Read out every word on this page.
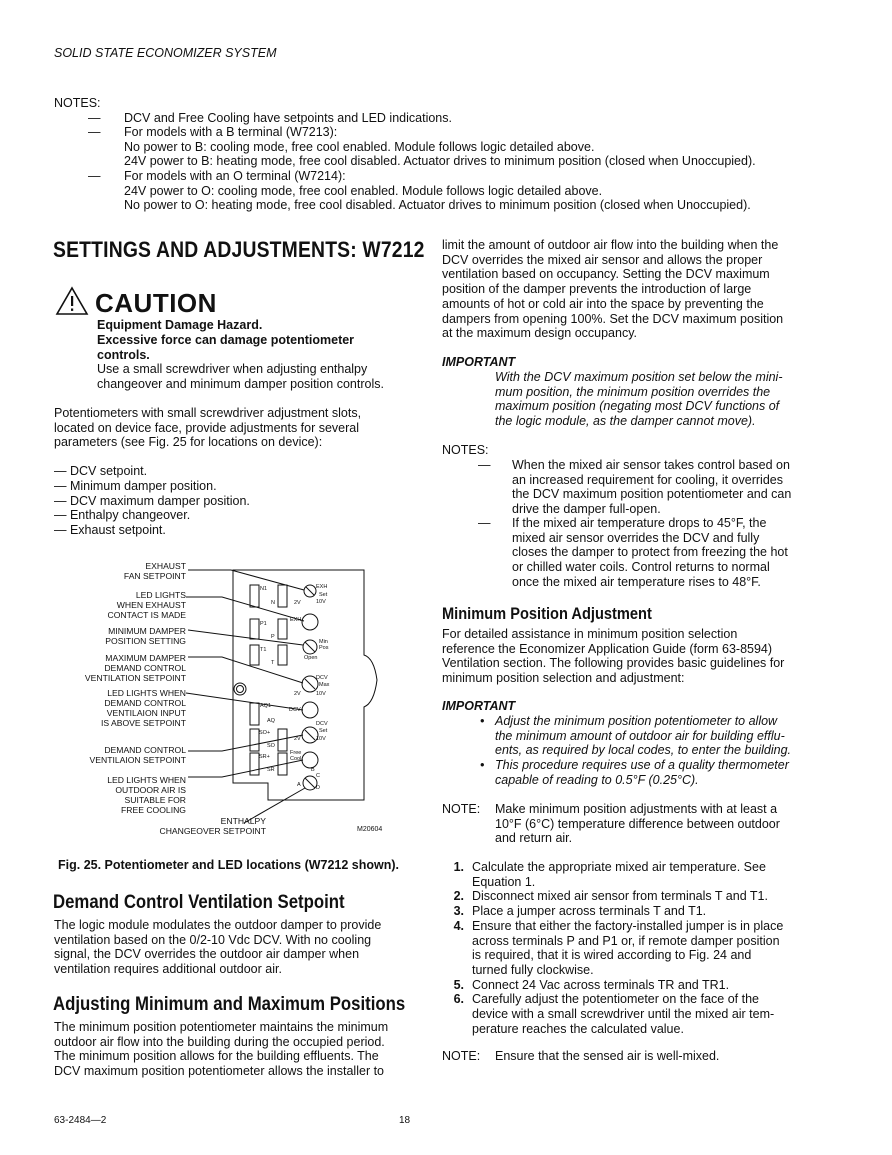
SOLID STATE ECONOMIZER SYSTEM
NOTES:
—	DCV and Free Cooling have setpoints and LED indications.
—	For models with a B terminal (W7213):
No power to B: cooling mode, free cool enabled. Module follows logic detailed above.
24V power to B: heating mode, free cool disabled. Actuator drives to minimum position (closed when Unoccupied).
—	For models with an O terminal (W7214):
24V power to O: cooling mode, free cool enabled. Module follows logic detailed above.
No power to O: heating mode, free cool disabled. Actuator drives to minimum position (closed when Unoccupied).
SETTINGS AND ADJUSTMENTS: W7212
CAUTION
Equipment Damage Hazard.
Excessive force can damage potentiometer
controls.
Use a small screwdriver when adjusting enthalpy
changeover and minimum damper position controls.
Potentiometers with small screwdriver adjustment slots,
located on device face, provide adjustments for several
parameters (see Fig. 25 for locations on device):
— DCV setpoint.
— Minimum damper position.
— DCV maximum damper position.
— Enthalpy changeover.
— Exhaust setpoint.
EXHAUST
FAN SETPOINT
LED LIGHTS
WHEN EXHAUST
CONTACT IS MADE
MINIMUM DAMPER
POSITION SETTING
MAXIMUM DAMPER
DEMAND CONTROL
VENTILATION SETPOINT
LED LIGHTS WHEN
DEMAND CONTROL
VENTILAION INPUT
IS ABOVE SETPOINT
DEMAND CONTROL
VENTILAION SETPOINT
LED LIGHTS WHEN
OUTDOOR AIR IS
SUITABLE FOR
FREE COOLING
ENTHALPY
CHANGEOVER SETPOINT	M20604
N1
N
EXH
Set
10V
2V
EXH
P1
P
Min
Pos
T1
T
Open
DCV
Max
2V	10V
AQ1
AQ
DCV
DCV
Set
2V	10V
SO+
SO
Free
Cool
SR+
SR	B
C
A	D
Fig. 25. Potentiometer and LED locations (W7212 shown).
Demand Control Ventilation Setpoint
The logic module modulates the outdoor damper to provide
ventilation based on the 0/2-10 Vdc DCV. With no cooling
signal, the DCV overrides the outdoor air damper when
ventilation requires additional outdoor air.
Adjusting Minimum and Maximum Positions
The minimum position potentiometer maintains the minimum
outdoor air flow into the building during the occupied period.
The minimum position allows for the building effluents. The
DCV maximum position potentiometer allows the installer to
limit the amount of outdoor air flow into the building when the
DCV overrides the mixed air sensor and allows the proper
ventilation based on occupancy. Setting the DCV maximum
position of the damper prevents the introduction of large
amounts of hot or cold air into the space by preventing the
dampers from opening 100%. Set the DCV maximum position
at the maximum design occupancy.
IMPORTANT
With the DCV maximum position set below the mini-
mum position, the minimum position overrides the
maximum position (negating most DCV functions of
the logic module, as the damper cannot move).
NOTES:
— When the mixed air sensor takes control based on
an increased requirement for cooling, it overrides
the DCV maximum position potentiometer and can
drive the damper full-open.
— If the mixed air temperature drops to 45°F, the
mixed air sensor overrides the DCV and fully
closes the damper to protect from freezing the hot
or chilled water coils. Control returns to normal
once the mixed air temperature rises to 48°F.
Minimum Position Adjustment
For detailed assistance in minimum position selection
reference the Economizer Application Guide (form 63-8594)
Ventilation section. The following provides basic guidelines for
minimum position selection and adjustment:
IMPORTANT
• Adjust the minimum position potentiometer to allow
the minimum amount of outdoor air for building efflu-
ents, as required by local codes, to enter the building.
• This procedure requires use of a quality thermometer
capable of reading to 0.5°F (0.25°C).
NOTE: Make minimum position adjustments with at least a
10°F (6°C) temperature difference between outdoor
and return air.
1. Calculate the appropriate mixed air temperature. See
Equation 1.
2. Disconnect mixed air sensor from terminals T and T1.
3. Place a jumper across terminals T and T1.
4. Ensure that either the factory-installed jumper is in place
across terminals P and P1 or, if remote damper position
is required, that it is wired according to Fig. 24 and
turned fully clockwise.
5. Connect 24 Vac across terminals TR and TR1.
6. Carefully adjust the potentiometer on the face of the
device with a small screwdriver until the mixed air tem-
perature reaches the calculated value.
NOTE: Ensure that the sensed air is well-mixed.
63-2484—2	18
